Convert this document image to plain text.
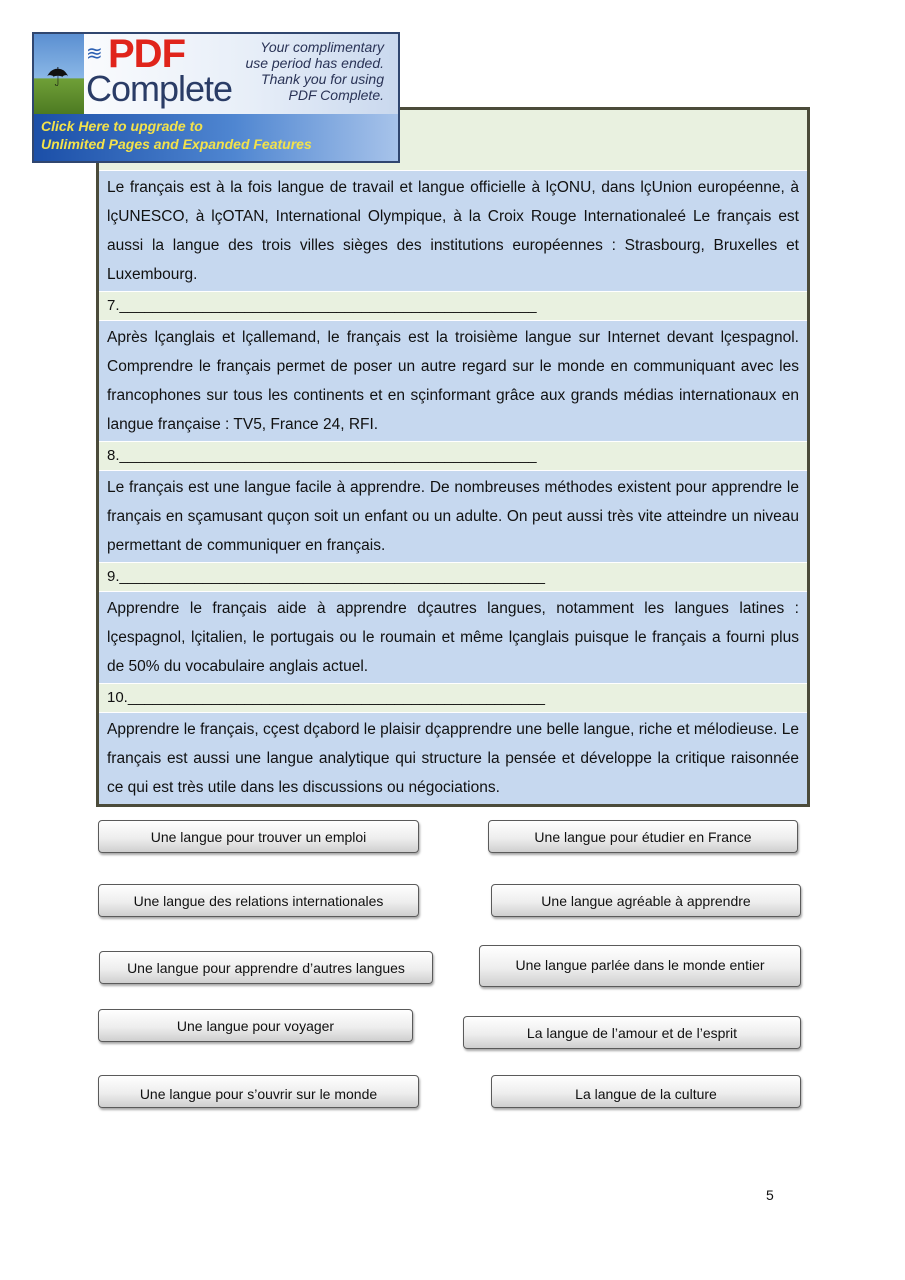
Le français est à la fois langue de travail et langue officielle à lçONU, dans lçUnion européenne, à lçUNESCO, à lçOTAN, International Olympique, à la Croix Rouge Internationaleé Le français est aussi la langue des trois villes sièges des institutions européennes : Strasbourg, Bruxelles et Luxembourg.

7.__________________________________________________

Après lçanglais et lçallemand, le français est la troisième langue sur Internet devant lçespagnol. Comprendre le français permet de poser un autre regard sur le monde en communiquant avec les francophones sur tous les continents et en sçinformant grâce aux grands médias internationaux en langue française : TV5, France 24, RFI.

8.__________________________________________________

Le français est une langue facile à apprendre. De nombreuses méthodes existent pour apprendre le français en sçamusant quçon soit un enfant ou un adulte. On peut aussi très vite atteindre un niveau permettant de communiquer en français.

9.___________________________________________________

Apprendre le français aide à apprendre dçautres langues, notamment les langues latines : lçespagnol, lçitalien, le portugais ou le roumain et même lçanglais puisque le français a fourni plus de 50% du vocabulaire anglais actuel.

10.__________________________________________________

Apprendre le français, cçest dçabord le plaisir dçapprendre une belle langue, riche et mélodieuse. Le français est aussi une langue analytique qui structure la pensée et développe la critique raisonnée ce qui est très utile dans les discussions ou négociations.

☂
≋ PDF
Complete
Your complimentary
use period has ended.
Thank you for using
PDF Complete.
Click Here to upgrade to
Unlimited Pages and Expanded Features
Une langue pour trouver un emploi	Une langue pour étudier en France
Une langue des relations internationales	Une langue agréable à apprendre
Une langue pour apprendre d’autres langues	Une langue parlée dans le monde entier
Une langue pour voyager	La langue de l’amour et de l’esprit
Une langue pour s’ouvrir sur le monde	La langue de la culture
5
